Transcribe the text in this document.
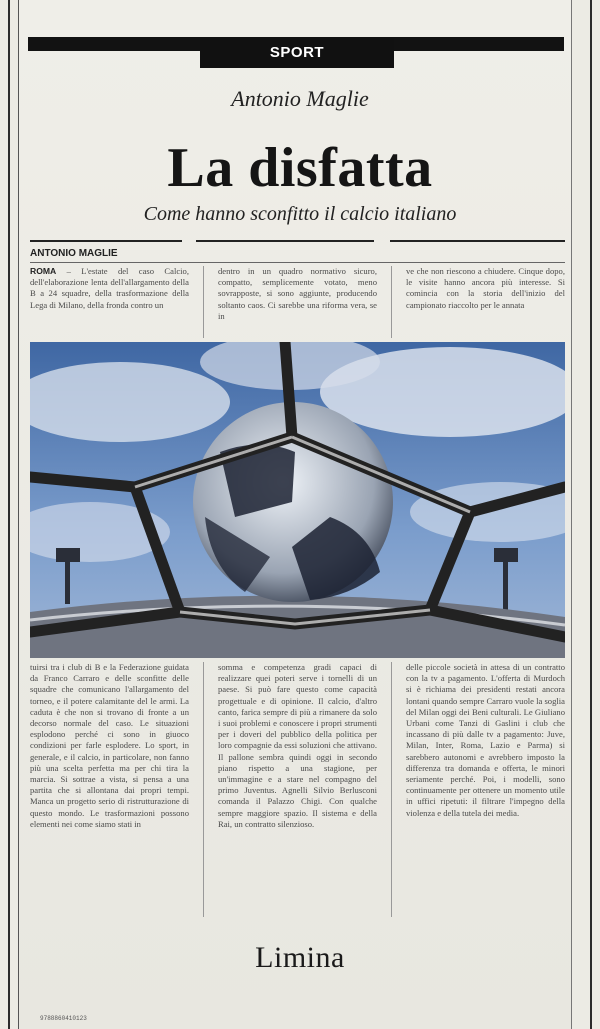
SPORT
Antonio Maglie
La disfatta
Come hanno sconfitto il calcio italiano
ANTONIO MAGLIE
ROMA – L'estate del caso Calcio, dell'elaborazione lenta dell'allargamento della B a 24 squadre, della trasformazione della Lega di Milano, della fronda contro un
dentro in un quadro normativo sicuro, compatto, semplicemente votato, meno sovrapposte, si sono aggiunte, producendo soltanto caos. Ci sarebbe una riforma vera, se in
ve che non riescono a chiudere. Cinque dopo, le visite hanno ancora più interesse. Si comincia con la storia dell'inizio del campionato riaccolto per le annata
tuirsi tra i club di B e la Federazione guidata da Franco Carraro e delle sconfitte delle squadre che comunicano l'allargamento del torneo, e il potere calamitante del le armi. La caduta è che non si trovano di fronte a un decorso normale del caso. Le situazioni esplodono perché ci sono in giuoco condizioni per farle esplodere. Lo sport, in generale, e il calcio, in particolare, non fanno più una scelta perfetta ma per chi tira la marcia. Si sottrae a vista, si pensa a una partita che si allontana dai propri tempi. Manca un progetto serio di ristrutturazione di questo mondo. Le trasformazioni possono elementi nei come siamo stati in
somma e competenza gradi capaci di realizzare quei poteri serve i tornelli di un paese. Si può fare questo come capacità progettuale e di opinione. Il calcio, d'altro canto, farica sempre di più a rimanere da solo i suoi problemi e conoscere i propri strumenti per i doveri del pubblico della politica per loro compagnie da essi soluzioni che attivano. Il pallone sembra quindi oggi in secondo piano rispetto a una stagione, per un'immagine e a stare nel compagno del primo Juventus. Agnelli Silvio Berlusconi comanda il Palazzo Chigi. Con qualche sempre maggiore spazio. Il sistema e della Rai, un contratto silenzioso.
delle piccole società in attesa di un contratto con la tv a pagamento. L'offerta di Murdoch si è richiama dei presidenti restati ancora lontani quando sempre Carraro vuole la soglia del Milan oggi dei Beni culturali. Le Giuliano Urbani come Tanzi di Gaslini i club che incassano di più dalle tv a pagamento: Juve, Milan, Inter, Roma, Lazio e Parma) si sarebbero autonomi e avrebbero imposto la differenza tra domanda e offerta, le minori seriamente perché. Poi, i modelli, sono continuamente per ottenere un momento utile in uffici ripetuti: il filtrare l'impegno della violenza e della tutela dei media.
Limina
9788860410123
